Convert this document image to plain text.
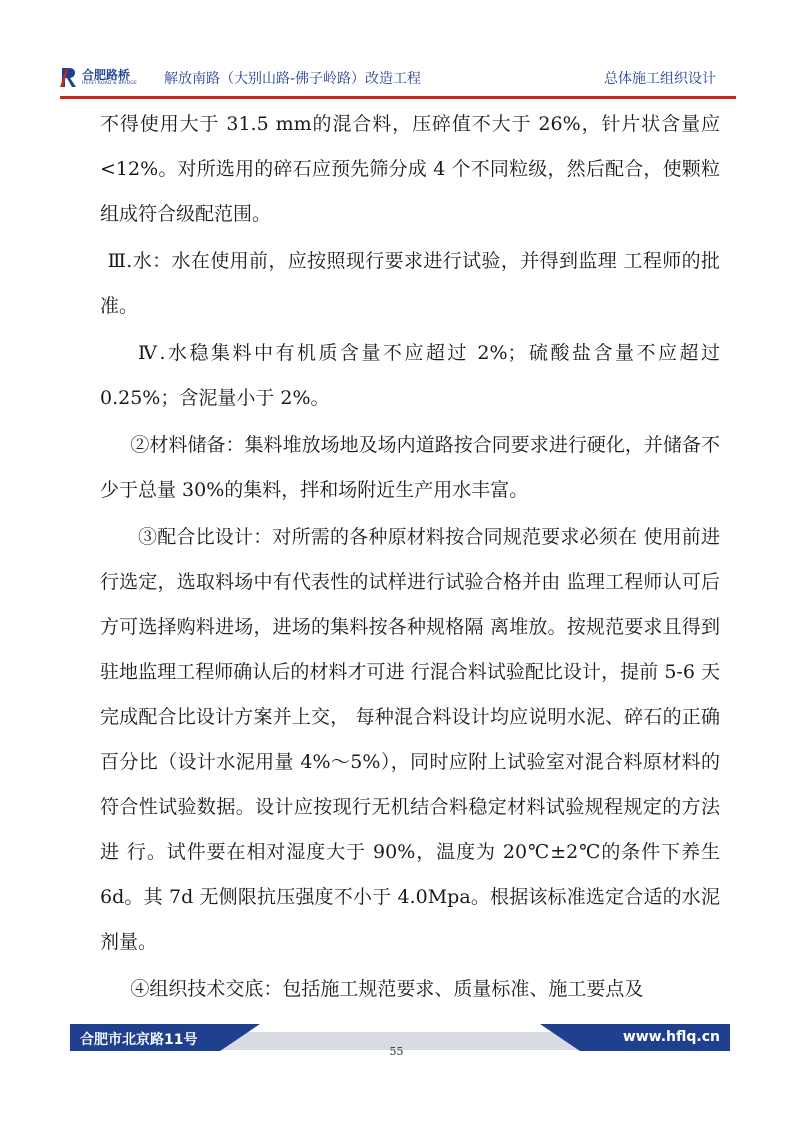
合肥路桥
HEFEI ROAD & BRIDGE 解放南路（大别山路-佛子岭路）改造工程	总体施工组织设计

不得使用大于 31.5 mm的混合料，压碎值不大于 26%，针片状含量应<12%。对所选用的碎石应预先筛分成 4 个不同粒级，然后配合，使颗粒组成符合级配范围。

Ⅲ.水：水在使用前，应按照现行要求进行试验，并得到监理 工程师的批准。

Ⅳ.水稳集料中有机质含量不应超过 2%；硫酸盐含量不应超过 0.25%；含泥量小于 2%。

②材料储备：集料堆放场地及场内道路按合同要求进行硬化，并储备不少于总量 30%的集料，拌和场附近生产用水丰富。

③配合比设计：对所需的各种原材料按合同规范要求必须在 使用前进行选定，选取料场中有代表性的试样进行试验合格并由 监理工程师认可后方可选择购料进场，进场的集料按各种规格隔 离堆放。按规范要求且得到驻地监理工程师确认后的材料才可进 行混合料试验配比设计，提前 5-6 天完成配合比设计方案并上交， 每种混合料设计均应说明水泥、碎石的正确百分比（设计水泥用量 4%～5%），同时应附上试验室对混合料原材料的符合性试验数据。设计应按现行无机结合料稳定材料试验规程规定的方法进 行。试件要在相对湿度大于 90%，温度为 20℃±2℃的条件下养生6d。其 7d 无侧限抗压强度不小于 4.0Mpa。根据该标准选定合适的水泥剂量。

④组织技术交底：包括施工规范要求、质量标准、施工要点及

合肥市北京路11号	www.hflq.cn
55
